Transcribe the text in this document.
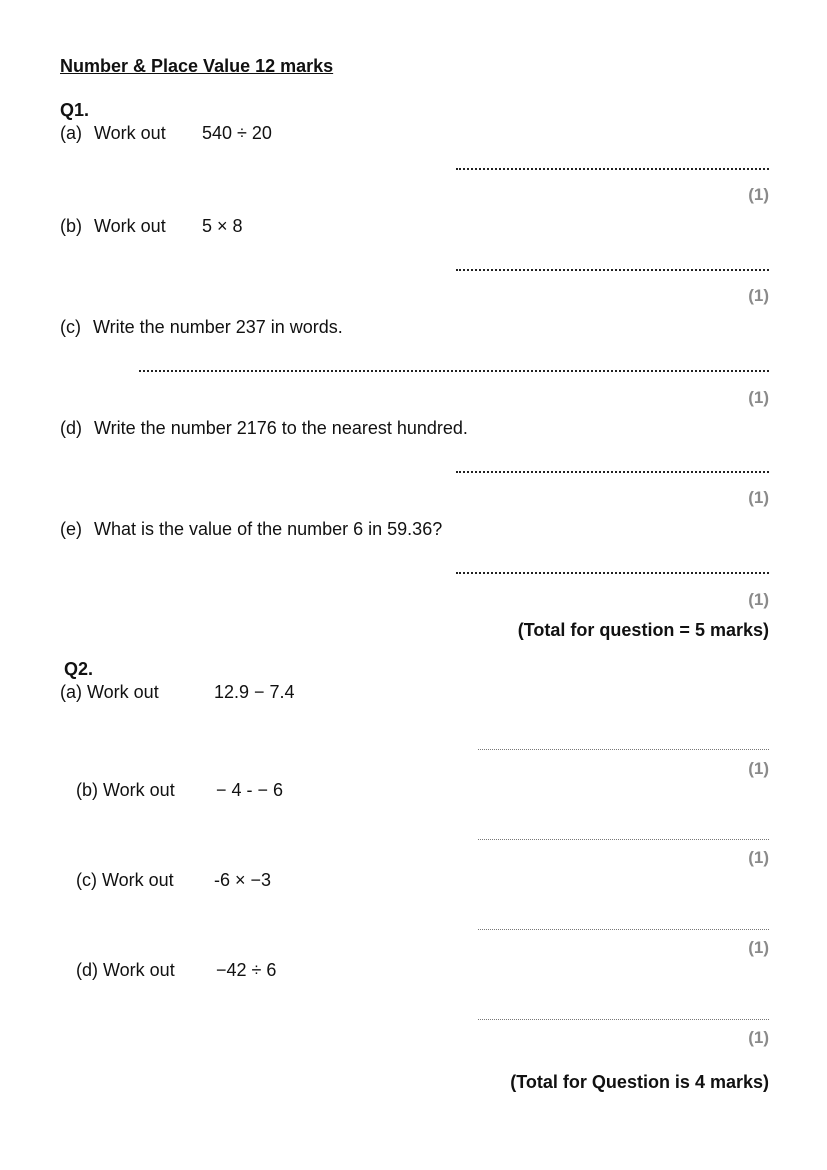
Number & Place Value 12 marks
Q1.
(a) Work out 540 ÷ 20
(1)
(b) Work out 5 × 8
(1)
(c) Write the number 237 in words.
(1)
(d) Write the number 2176 to the nearest hundred.
(1)
(e) What is the value of the number 6 in 59.36?
(1)
(Total for question = 5 marks)
Q2.
(a) Work out	12.9 − 7.4
(1)
(b) Work out − 4 - − 6
(1)
(c) Work out -6 × −3
(1)
(d) Work out −42 ÷ 6
(1)
(Total for Question is 4 marks)
